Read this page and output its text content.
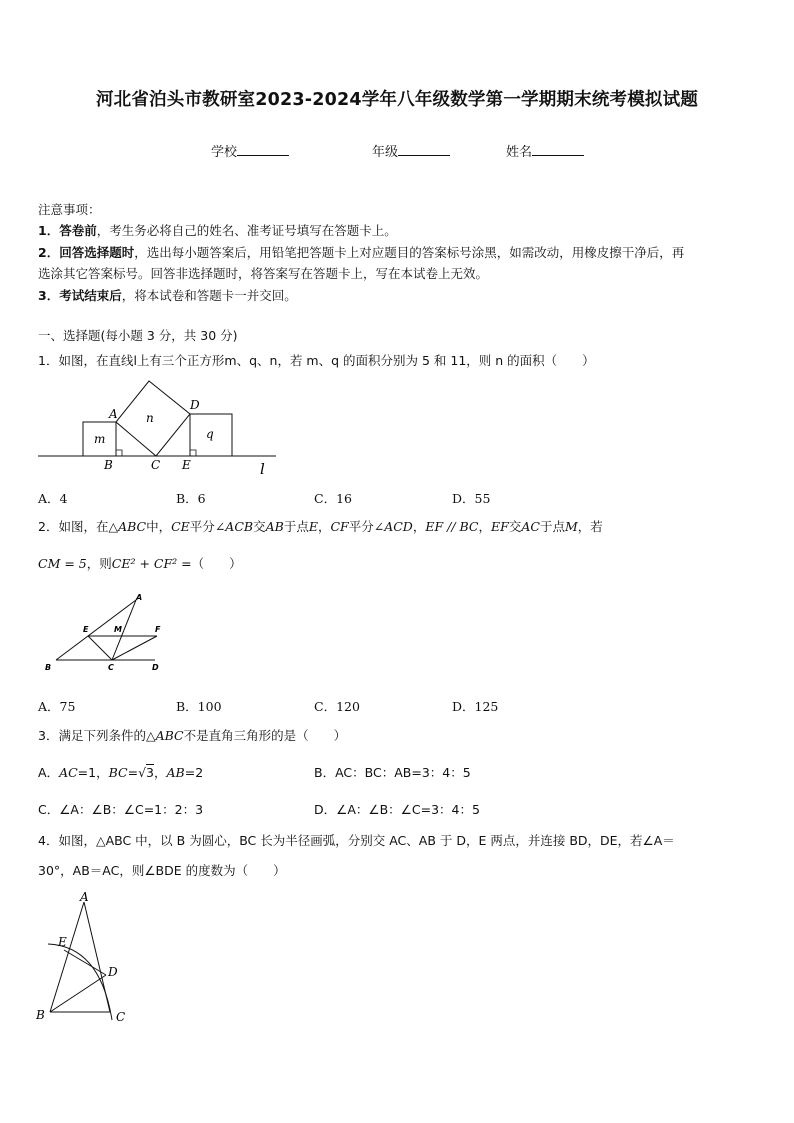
河北省泊头市教研室2023-2024学年八年级数学第一学期期末统考模拟试题
学校	年级	姓名
注意事项：
1．答卷前，考生务必将自己的姓名、准考证号填写在答题卡上。
2．回答选择题时，选出每小题答案后，用铅笔把答题卡上对应题目的答案标号涂黑，如需改动，用橡皮擦干净后，再
选涂其它答案标号。回答非选择题时，将答案写在答题卡上，写在本试卷上无效。
3．考试结束后，将本试卷和答题卡一并交回。
一、选择题(每小题 3 分，共 30 分)
1．如图，在直线l上有三个正方形m、q、n，若 m、q 的面积分别为 5 和 11，则 n 的面积（　　）
A
B	C
D
E
m
n
q
l
A．4	B．6	C．16	D．55
2．如图，在△ABC中，CE平分∠ACB交AB于点E，CF平分∠ACD，EF // BC，EF交AC于点M，若
CM = 5，则CE² + CF² =（　　）
A
B	C	D
E	F
M
A．75	B．100	C．120	D．125
3．满足下列条件的△ABC不是直角三角形的是（　　）
A．AC=1，BC=√3，AB=2	B．AC：BC：AB=3：4：5
C．∠A：∠B：∠C=1：2：3	D．∠A：∠B：∠C=3：4：5
4．如图，△ABC 中，以 B 为圆心，BC 长为半径画弧，分别交 AC、AB 于 D，E 两点，并连接 BD，DE，若∠A＝
30°，AB＝AC，则∠BDE 的度数为（　　）
A
B	C
D
E
